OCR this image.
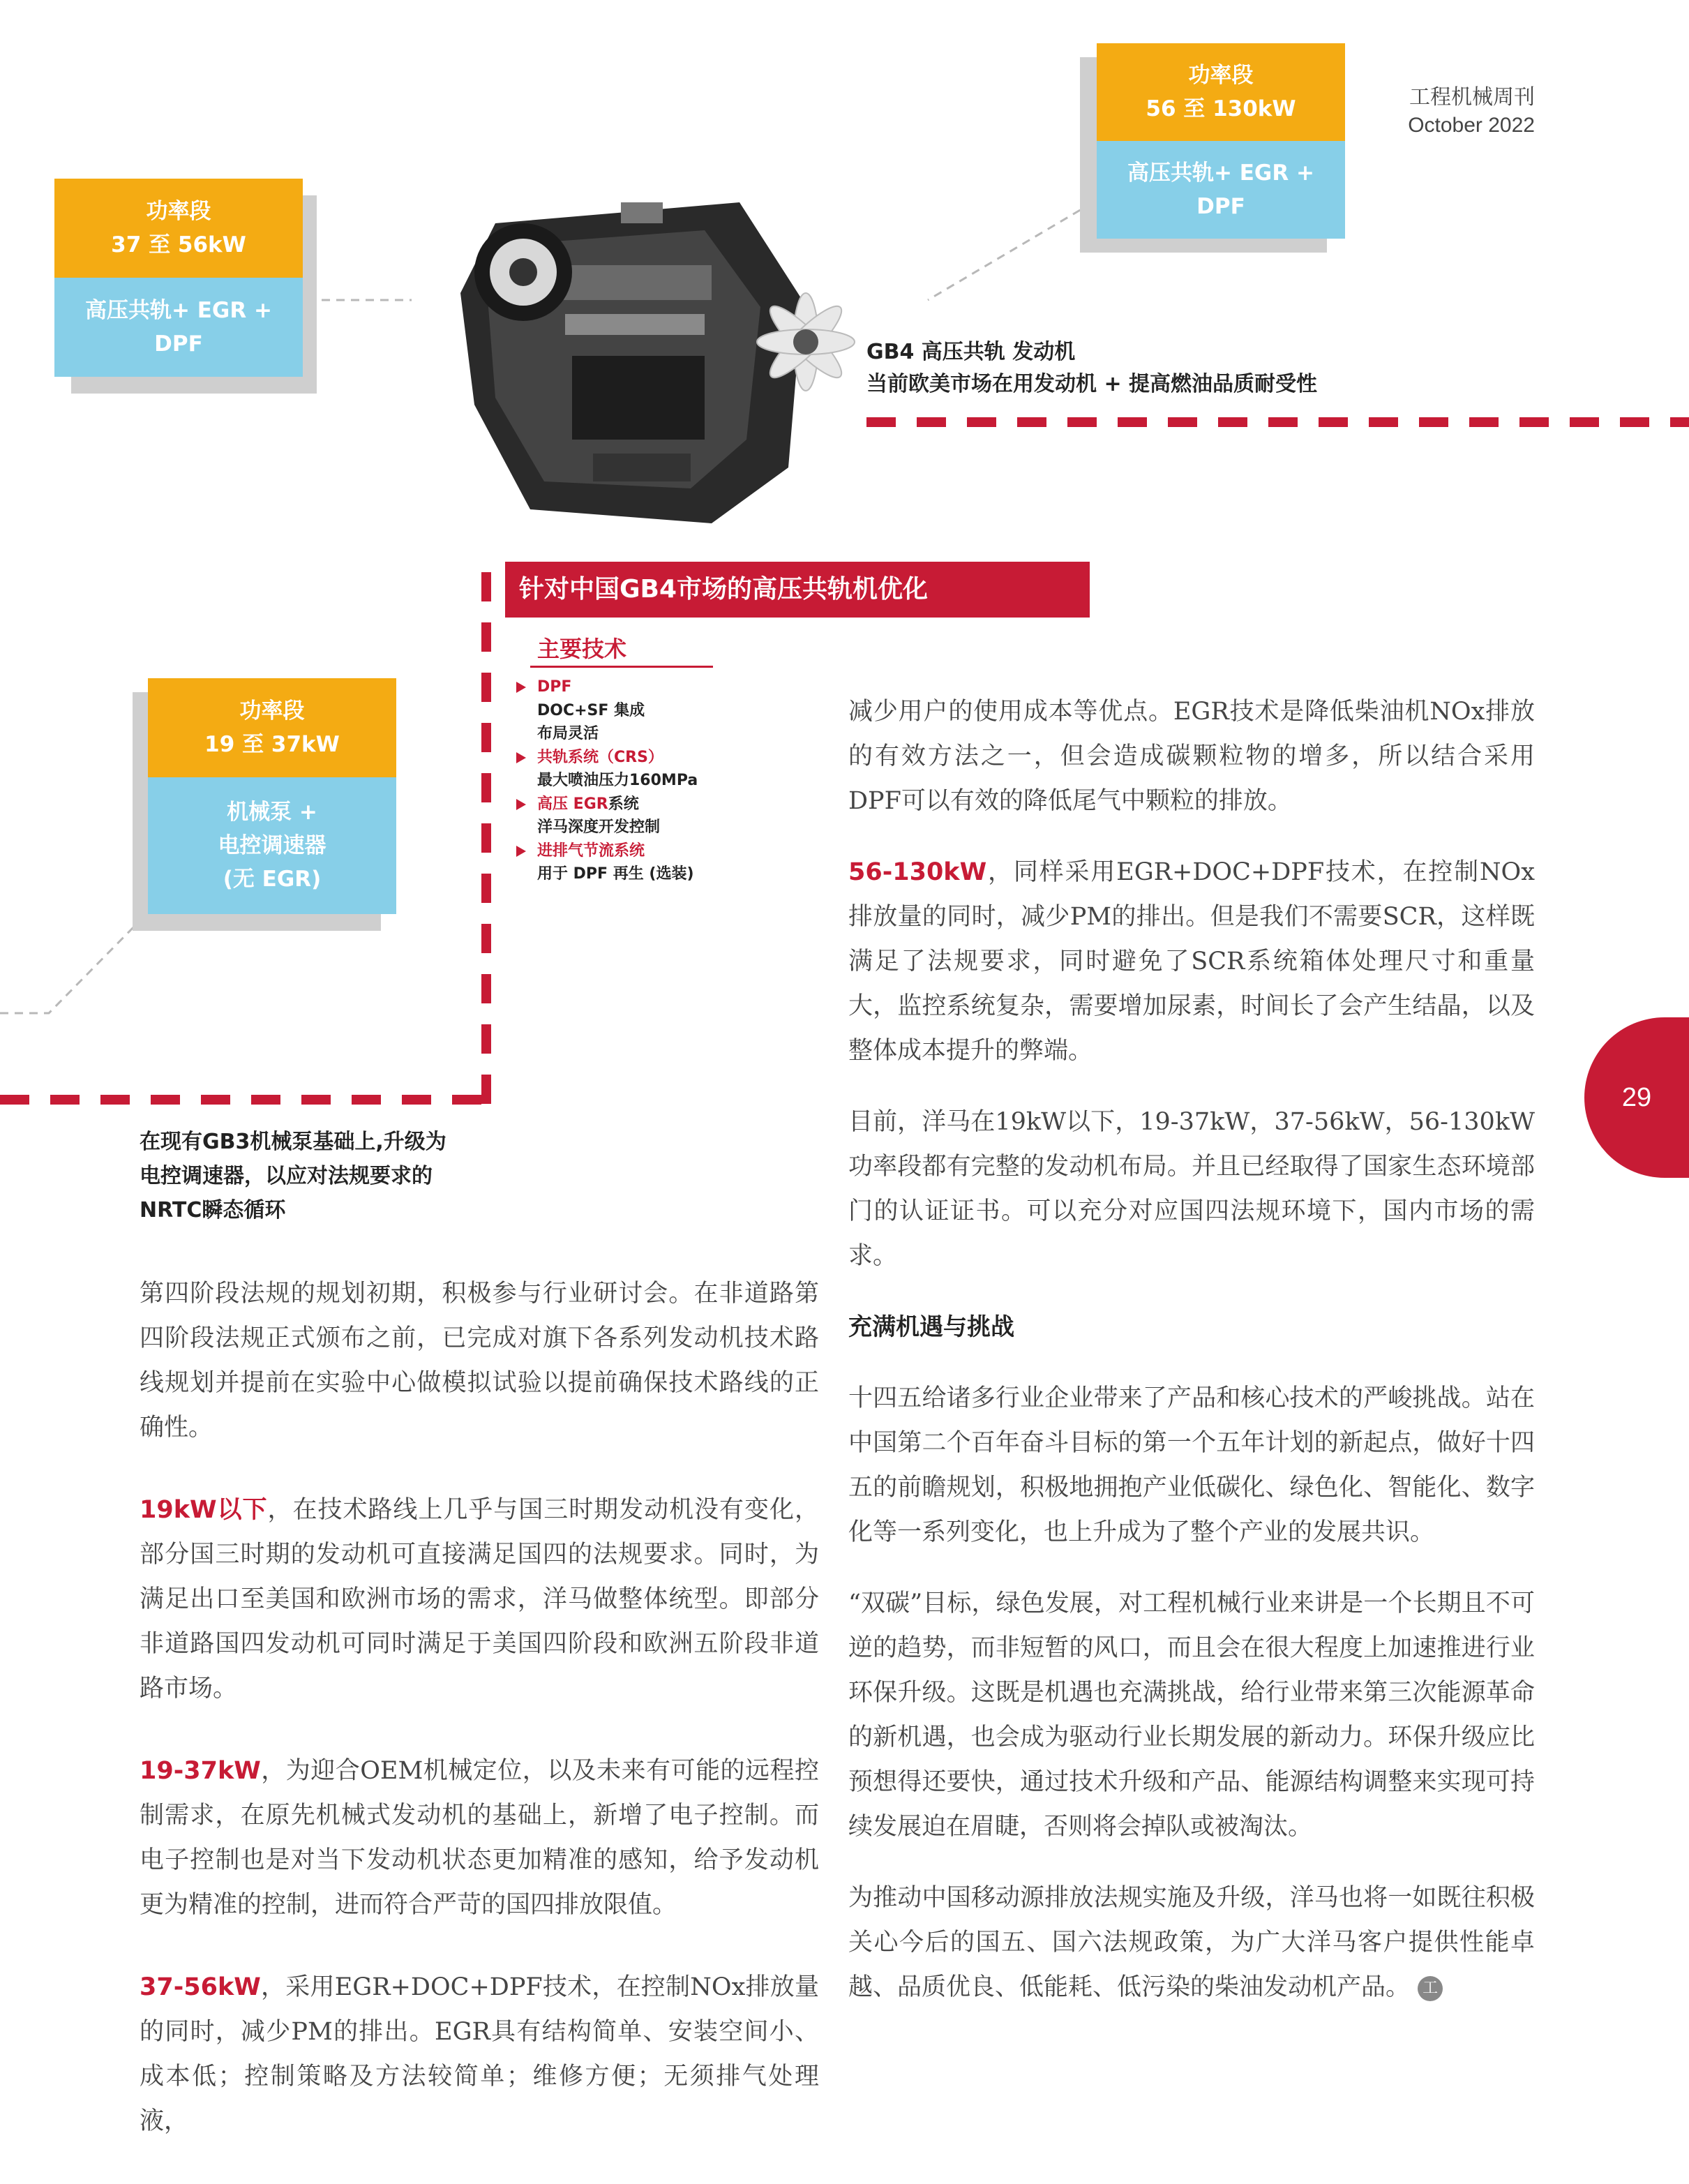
工程机械周刊
October 2022
功率段
37 至 56kW
高压共轨+ EGR +
DPF
功率段
56 至 130kW
高压共轨+ EGR +
DPF
功率段
19 至 37kW
机械泵 +
电控调速器
(无 EGR)
GB4 高压共轨 发动机
当前欧美市场在用发动机 + 提高燃油品质耐受性
针对中国GB4市场的高压共轨机优化
主要技术
DPF
DOC+SF 集成
布局灵活
共轨系统（CRS）
最大喷油压力160MPa
高压 EGR系统
洋马深度开发控制
进排气节流系统
用于 DPF 再生 (选装)
在现有GB3机械泵基础上,升级为
电控调速器，以应对法规要求的
NRTC瞬态循环

第四阶段法规的规划初期，积极参与行业研讨会。在非道路第四阶段法规正式颁布之前，已完成对旗下各系列发动机技术路线规划并提前在实验中心做模拟试验以提前确保技术路线的正确性。

19kW以下，在技术路线上几乎与国三时期发动机没有变化，部分国三时期的发动机可直接满足国四的法规要求。同时，为满足出口至美国和欧洲市场的需求，洋马做整体统型。即部分非道路国四发动机可同时满足于美国四阶段和欧洲五阶段非道路市场。

19-37kW，为迎合OEM机械定位，以及未来有可能的远程控制需求，在原先机械式发动机的基础上，新增了电子控制。而电子控制也是对当下发动机状态更加精准的感知，给予发动机更为精准的控制，进而符合严苛的国四排放限值。

37-56kW，采用EGR+DOC+DPF技术，在控制NOx排放量的同时，减少PM的排出。EGR具有结构简单、安装空间小、成本低；控制策略及方法较简单；维修方便；无须排气处理液，

减少用户的使用成本等优点。EGR技术是降低柴油机NOx排放的有效方法之一，但会造成碳颗粒物的增多，所以结合采用DPF可以有效的降低尾气中颗粒的排放。

56-130kW，同样采用EGR+DOC+DPF技术，在控制NOx排放量的同时，减少PM的排出。但是我们不需要SCR，这样既满足了法规要求，同时避免了SCR系统箱体处理尺寸和重量大，监控系统复杂，需要增加尿素，时间长了会产生结晶，以及整体成本提升的弊端。

目前，洋马在19kW以下，19-37kW，37-56kW，56-130kW功率段都有完整的发动机布局。并且已经取得了国家生态环境部门的认证证书。可以充分对应国四法规环境下，国内市场的需求。

充满机遇与挑战

十四五给诸多行业企业带来了产品和核心技术的严峻挑战。站在中国第二个百年奋斗目标的第一个五年计划的新起点，做好十四五的前瞻规划，积极地拥抱产业低碳化、绿色化、智能化、数字化等一系列变化，也上升成为了整个产业的发展共识。

“双碳”目标，绿色发展，对工程机械行业来讲是一个长期且不可逆的趋势，而非短暂的风口，而且会在很大程度上加速推进行业环保升级。这既是机遇也充满挑战，给行业带来第三次能源革命的新机遇，也会成为驱动行业长期发展的新动力。环保升级应比预想得还要快，通过技术升级和产品、能源结构调整来实现可持续发展迫在眉睫，否则将会掉队或被淘汰。

为推动中国移动源排放法规实施及升级，洋马也将一如既往积极关心今后的国五、国六法规政策，为广大洋马客户提供性能卓越、品质优良、低能耗、低污染的柴油发动机产品。 工

29
